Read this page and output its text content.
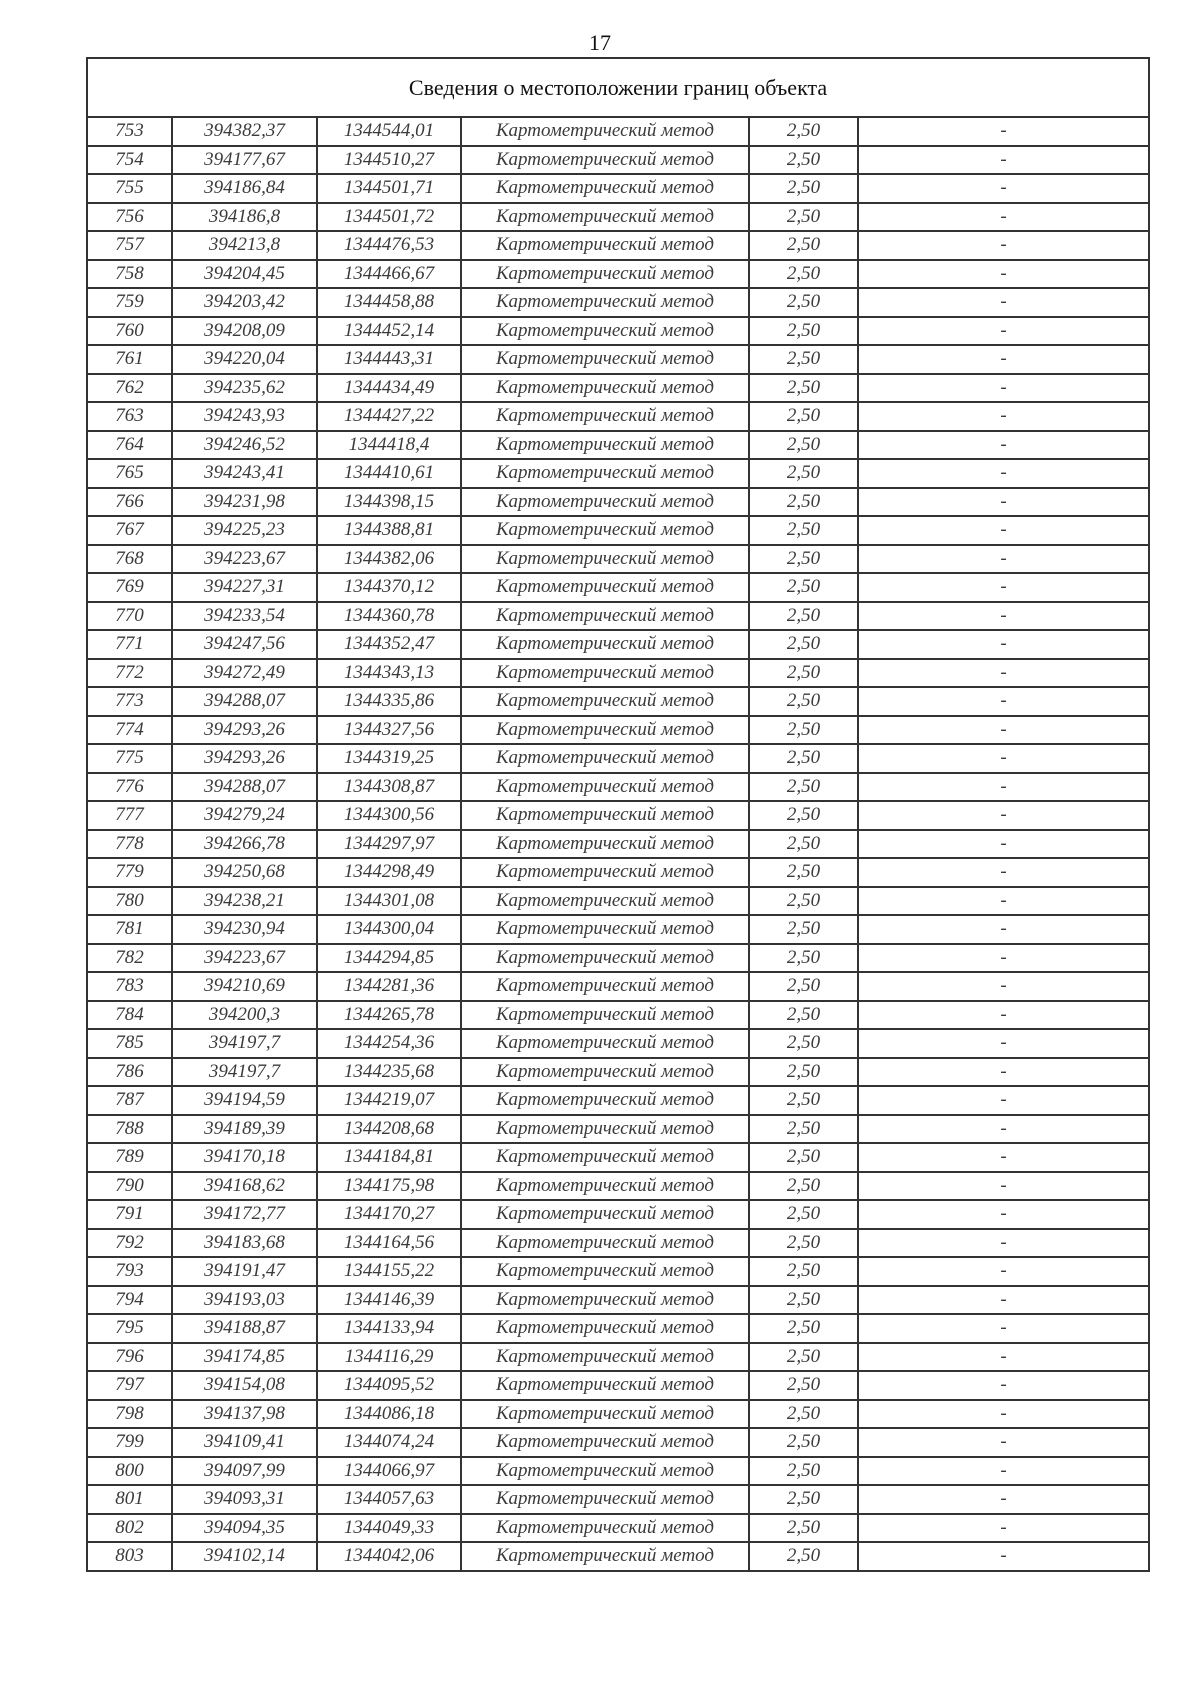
17
Сведения о местоположении границ объекта					
753	394382,37	1344544,01	Картометрический метод	2,50	-
754	394177,67	1344510,27	Картометрический метод	2,50	-
755	394186,84	1344501,71	Картометрический метод	2,50	-
756	394186,8	1344501,72	Картометрический метод	2,50	-
757	394213,8	1344476,53	Картометрический метод	2,50	-
758	394204,45	1344466,67	Картометрический метод	2,50	-
759	394203,42	1344458,88	Картометрический метод	2,50	-
760	394208,09	1344452,14	Картометрический метод	2,50	-
761	394220,04	1344443,31	Картометрический метод	2,50	-
762	394235,62	1344434,49	Картометрический метод	2,50	-
763	394243,93	1344427,22	Картометрический метод	2,50	-
764	394246,52	1344418,4	Картометрический метод	2,50	-
765	394243,41	1344410,61	Картометрический метод	2,50	-
766	394231,98	1344398,15	Картометрический метод	2,50	-
767	394225,23	1344388,81	Картометрический метод	2,50	-
768	394223,67	1344382,06	Картометрический метод	2,50	-
769	394227,31	1344370,12	Картометрический метод	2,50	-
770	394233,54	1344360,78	Картометрический метод	2,50	-
771	394247,56	1344352,47	Картометрический метод	2,50	-
772	394272,49	1344343,13	Картометрический метод	2,50	-
773	394288,07	1344335,86	Картометрический метод	2,50	-
774	394293,26	1344327,56	Картометрический метод	2,50	-
775	394293,26	1344319,25	Картометрический метод	2,50	-
776	394288,07	1344308,87	Картометрический метод	2,50	-
777	394279,24	1344300,56	Картометрический метод	2,50	-
778	394266,78	1344297,97	Картометрический метод	2,50	-
779	394250,68	1344298,49	Картометрический метод	2,50	-
780	394238,21	1344301,08	Картометрический метод	2,50	-
781	394230,94	1344300,04	Картометрический метод	2,50	-
782	394223,67	1344294,85	Картометрический метод	2,50	-
783	394210,69	1344281,36	Картометрический метод	2,50	-
784	394200,3	1344265,78	Картометрический метод	2,50	-
785	394197,7	1344254,36	Картометрический метод	2,50	-
786	394197,7	1344235,68	Картометрический метод	2,50	-
787	394194,59	1344219,07	Картометрический метод	2,50	-
788	394189,39	1344208,68	Картометрический метод	2,50	-
789	394170,18	1344184,81	Картометрический метод	2,50	-
790	394168,62	1344175,98	Картометрический метод	2,50	-
791	394172,77	1344170,27	Картометрический метод	2,50	-
792	394183,68	1344164,56	Картометрический метод	2,50	-
793	394191,47	1344155,22	Картометрический метод	2,50	-
794	394193,03	1344146,39	Картометрический метод	2,50	-
795	394188,87	1344133,94	Картометрический метод	2,50	-
796	394174,85	1344116,29	Картометрический метод	2,50	-
797	394154,08	1344095,52	Картометрический метод	2,50	-
798	394137,98	1344086,18	Картометрический метод	2,50	-
799	394109,41	1344074,24	Картометрический метод	2,50	-
800	394097,99	1344066,97	Картометрический метод	2,50	-
801	394093,31	1344057,63	Картометрический метод	2,50	-
802	394094,35	1344049,33	Картометрический метод	2,50	-
803	394102,14	1344042,06	Картометрический метод	2,50	-
